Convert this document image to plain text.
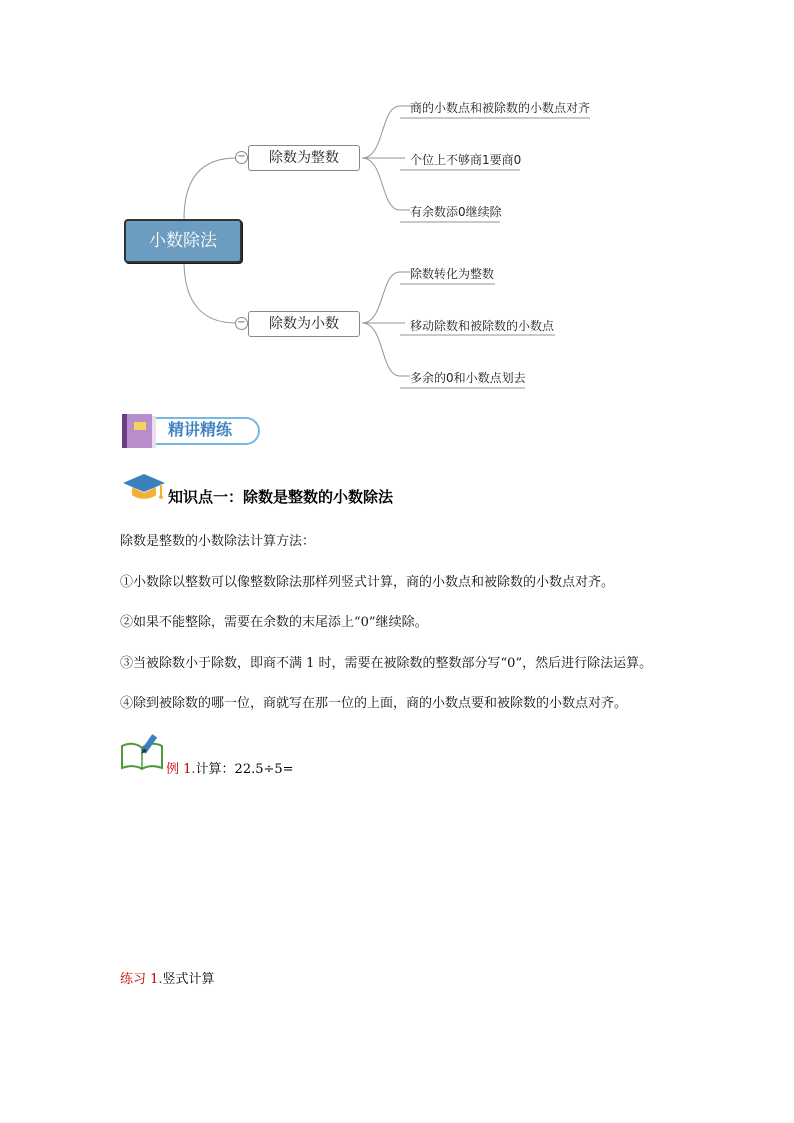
小数除法
−	除数为整数
商的小数点和被除数的小数点对齐
个位上不够商1要商0
有余数添0继续除
−	除数为小数
除数转化为整数
移动除数和被除数的小数点
多余的0和小数点划去
精讲精练
知识点一：除数是整数的小数除法
除数是整数的小数除法计算方法：
①小数除以整数可以像整数除法那样列竖式计算，商的小数点和被除数的小数点对齐。
②如果不能整除，需要在余数的末尾添上“0”继续除。
③当被除数小于除数，即商不满 1 时，需要在被除数的整数部分写“0”，然后进行除法运算。
④除到被除数的哪一位，商就写在那一位的上面，商的小数点要和被除数的小数点对齐。
例 1.计算：22.5÷5=
练习 1.竖式计算
